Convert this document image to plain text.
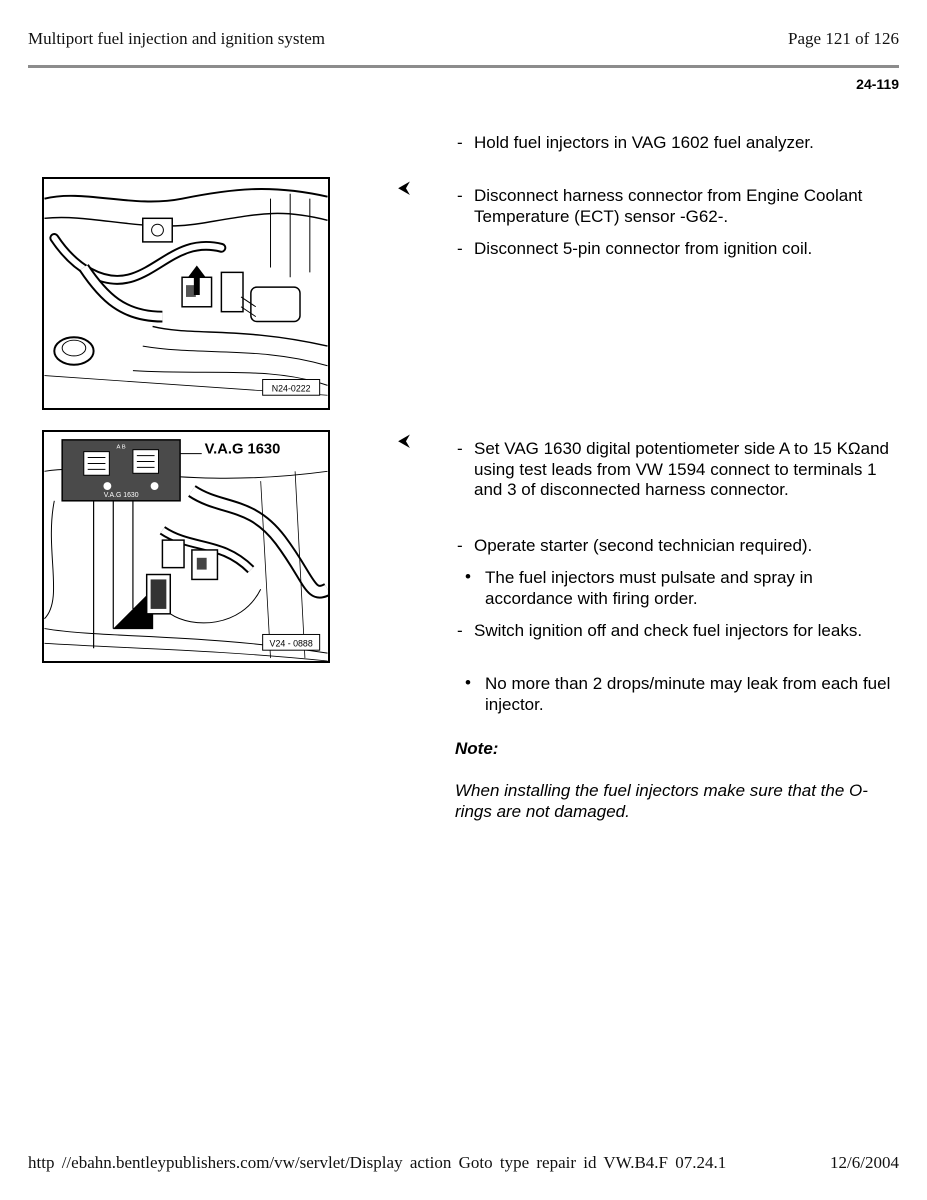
Multiport fuel injection and ignition system	Page 121 of 126
24-119
N24-0222
V.A.G 1630
A B	V.A.G 1630
V24 - 0888
⮜
⮜
- Hold fuel injectors in VAG 1602 fuel analyzer.
- Disconnect harness connector from Engine Coolant Temperature (ECT) sensor -G62-.
- Disconnect 5-pin connector from ignition coil.
- Set VAG 1630 digital potentiometer side A to 15 KΩand using test leads from VW 1594 connect to terminals 1 and 3 of disconnected harness connector.
- Operate starter (second technician required).
• The fuel injectors must pulsate and spray in accordance with firing order.
- Switch ignition off and check fuel injectors for leaks.
• No more than 2 drops/minute may leak from each fuel injector.
Note:
When installing the fuel injectors make sure that the O-rings are not damaged.
http //ebahn.bentleypublishers.com/vw/servlet/Display action Goto type repair id VW.B4.F 07.24.1	12/6/2004
